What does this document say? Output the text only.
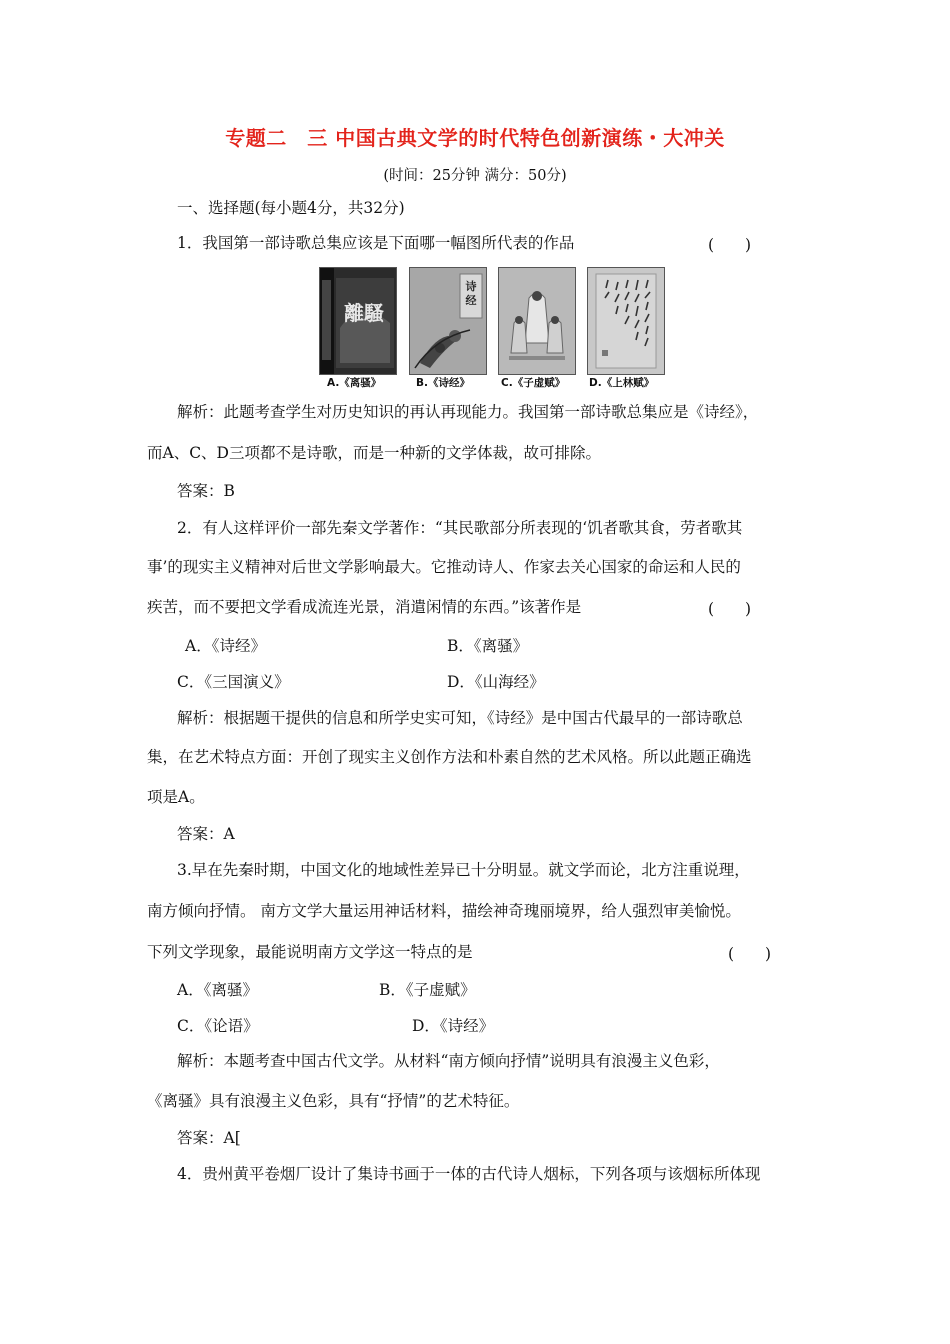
专题二　三 中国古典文学的时代特色创新演练・大冲关
(时间：25分钟 满分：50分)
一、选择题(每小题4分，共32分)
1．我国第一部诗歌总集应该是下面哪一幅图所代表的作品	(　　)
離騷
A.《离骚》
诗
经
B.《诗经》	C.《子虚赋》 D.《上林赋》
解析：此题考查学生对历史知识的再认再现能力。我国第一部诗歌总集应是《诗经》，
而A、C、D三项都不是诗歌，而是一种新的文学体裁，故可排除。
答案：B
2．有人这样评价一部先秦文学著作：“其民歌部分所表现的‘饥者歌其食，劳者歌其
事’的现实主义精神对后世文学影响最大。它推动诗人、作家去关心国家的命运和人民的
疾苦，而不要把文学看成流连光景，消遣闲情的东西。”该著作是	(　　)
A．《诗经》	B．《离骚》
C．《三国演义》	D．《山海经》
解析：根据题干提供的信息和所学史实可知，《诗经》是中国古代最早的一部诗歌总
集，在艺术特点方面：开创了现实主义创作方法和朴素自然的艺术风格。所以此题正确选
项是A。
答案：A
3.早在先秦时期，中国文化的地域性差异已十分明显。就文学而论，北方注重说理，
南方倾向抒情。 南方文学大量运用神话材料，描绘神奇瑰丽境界，给人强烈审美愉悦。
下列文学现象，最能说明南方文学这一特点的是	(　　)
A．《离骚》	B．《子虚赋》
C．《论语》	D．《诗经》
解析：本题考查中国古代文学。从材料“南方倾向抒情”说明具有浪漫主义色彩，
《离骚》具有浪漫主义色彩，具有“抒情”的艺术特征。
答案：A[
4．贵州黄平卷烟厂设计了集诗书画于一体的古代诗人烟标，下列各项与该烟标所体现
